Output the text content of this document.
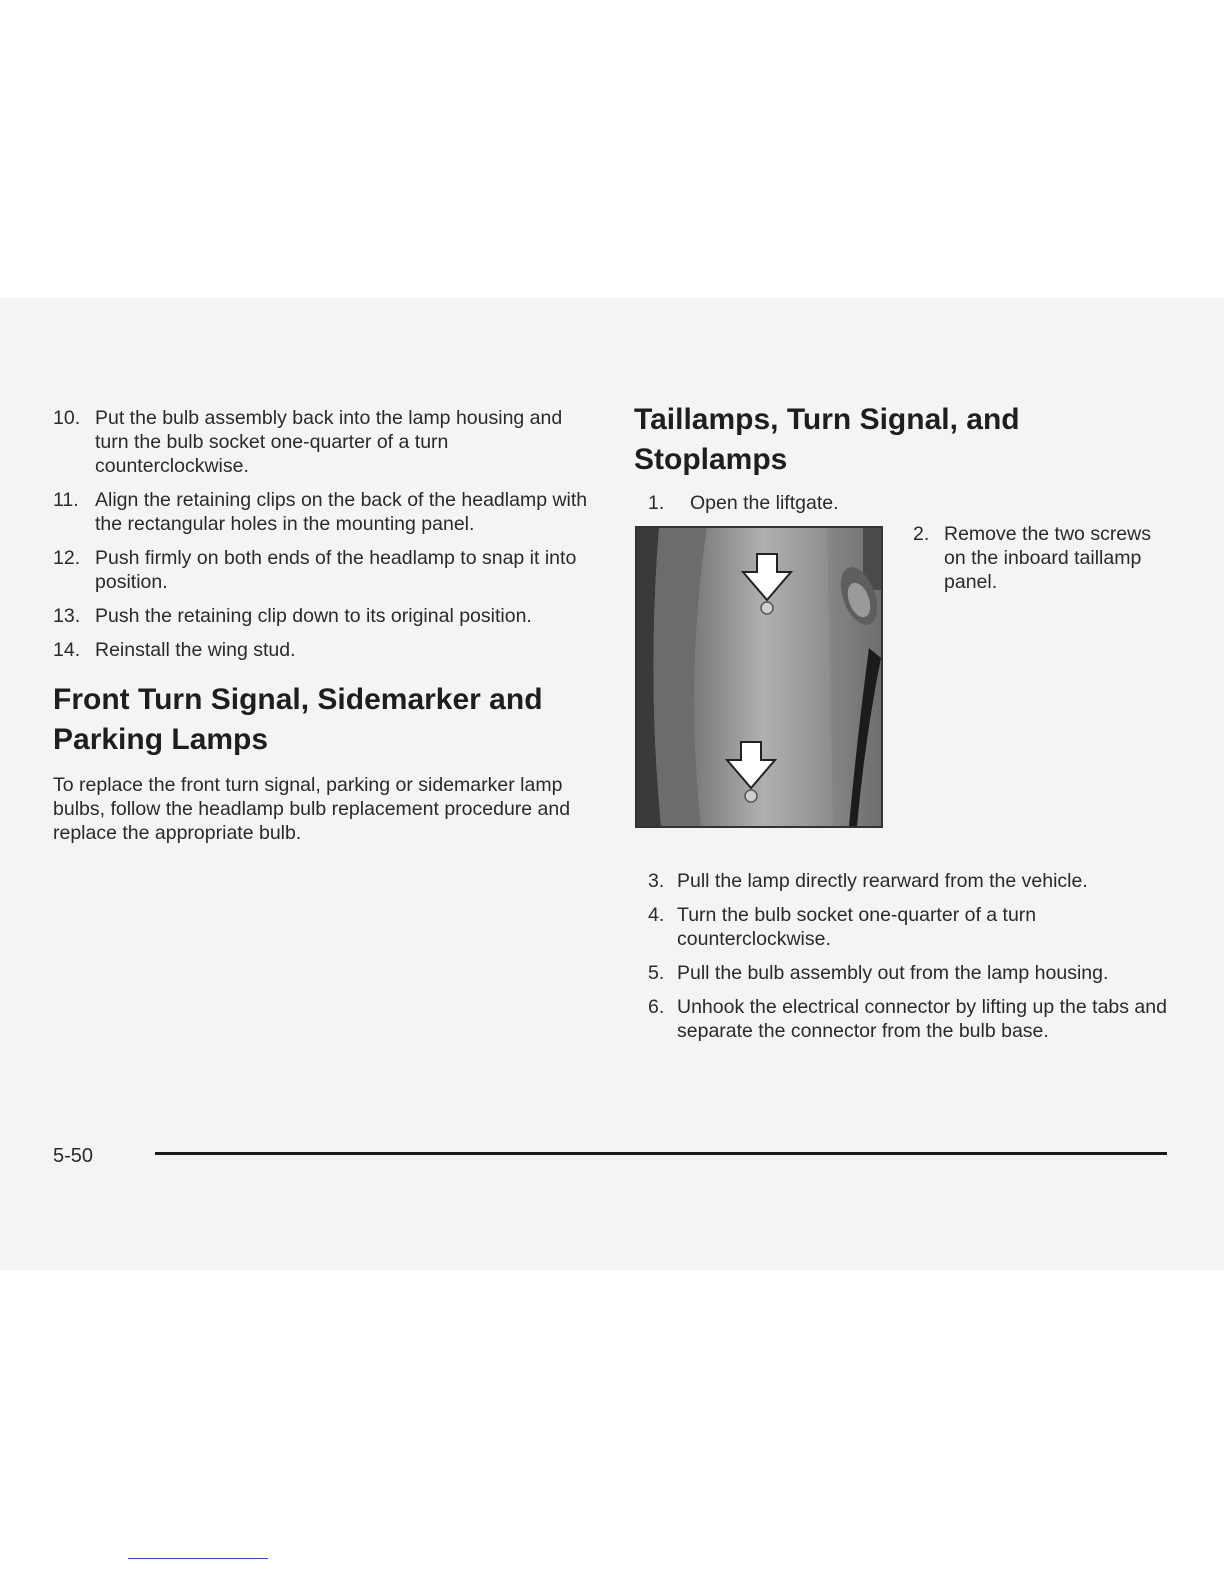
10. Put the bulb assembly back into the lamp housing and turn the bulb socket one-quarter of a turn counterclockwise.
11. Align the retaining clips on the back of the headlamp with the rectangular holes in the mounting panel.
12. Push firmly on both ends of the headlamp to snap it into position.
13. Push the retaining clip down to its original position.
14. Reinstall the wing stud.
Front Turn Signal, Sidemarker and Parking Lamps

To replace the front turn signal, parking or sidemarker lamp bulbs, follow the headlamp bulb replacement procedure and replace the appropriate bulb.

Taillamps, Turn Signal, and Stoplamps
1. Open the liftgate.
2. Remove the two screws on the inboard taillamp panel.
3. Pull the lamp directly rearward from the vehicle.
4. Turn the bulb socket one-quarter of a turn counterclockwise.
5. Pull the bulb assembly out from the lamp housing.
6. Unhook the electrical connector by lifting up the tabs and separate the connector from the bulb base.
5-50
